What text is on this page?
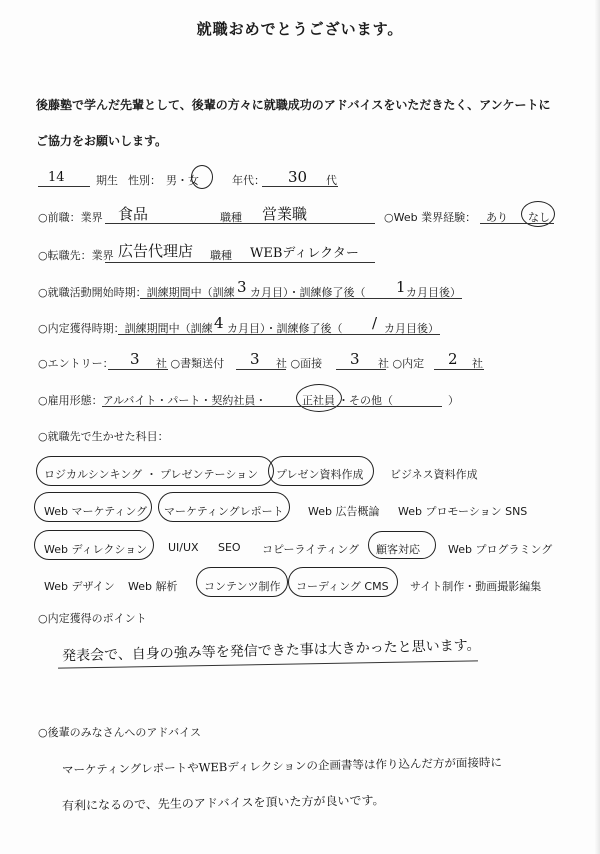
就職おめでとうございます。
後藤塾で学んだ先輩として、後輩の方々に就職成功のアドバイスをいただきたく、アンケートに
ご協力をお願いします。
14	期生 性別： 男・女	年代： 30 代
○前職：業界 食品	職種 営業職	○Web 業界経験： あり なし
○転職先：業界 広告代理店 職種 WEBディレクター
○就職活動開始時期：訓練期間中（訓練 3 カ月目）・訓練修了後（ 1 カ月目後）
○内定獲得時期：訓練期間中（訓練 4 カ月目）・訓練修了後（ / カ月目後）
○エントリー： 3 社 ○書類送付 3 社 ○面接 3 社 ○内定 2 社
○雇用形態：アルバイト・パート・契約社員・	正社員 ・その他（　　　　　）
○就職先で生かせた科目：
ロジカルシンキング ・ プレゼンテーション プレゼン資料作成 ビジネス資料作成
Web マーケティング マーケティングレポート Web 広告概論 Web プロモーション SNS
Web ディレクション UI/UX SEO コピーライティング 顧客対応	Web プログラミング
Web デザイン Web 解析 コンテンツ制作 コーディング CMS サイト制作・動画撮影編集
○内定獲得のポイント
発表会で、自身の強み等を発信できた事は大きかったと思います。
○後輩のみなさんへのアドバイス
マーケティングレポートやWEBディレクションの企画書等は作り込んだ方が面接時に
有利になるので、先生のアドバイスを頂いた方が良いです。
